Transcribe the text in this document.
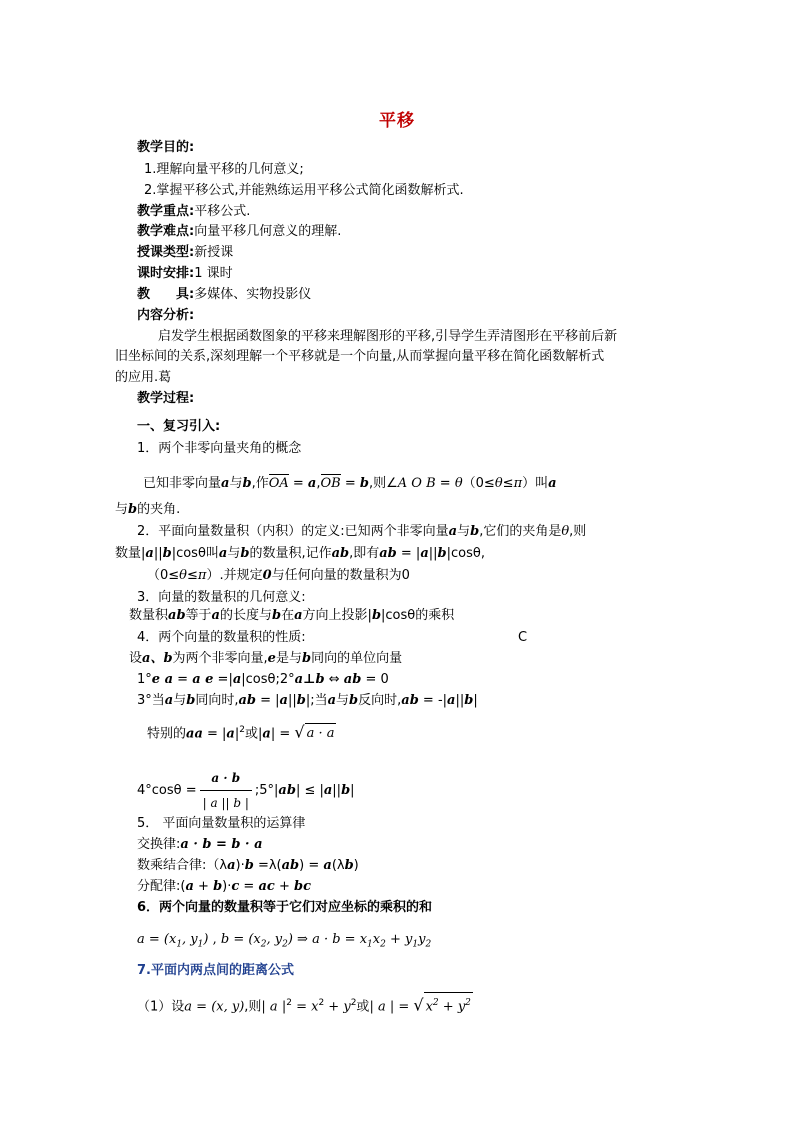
平移
教学目的:
1.理解向量平移的几何意义;
2.掌握平移公式,并能熟练运用平移公式简化函数解析式.
教学重点:平移公式.
教学难点:向量平移几何意义的理解.
授课类型:新授课
课时安排:1 课时
教　　具:多媒体、实物投影仪
内容分析:
启发学生根据函数图象的平移来理解图形的平移,引导学生弄清图形在平移前后新
旧坐标间的关系,深刻理解一个平移就是一个向量,从而掌握向量平移在简化函数解析式
的应用.葛
教学过程:
一、复习引入:
1．两个非零向量夹角的概念
已知非零向量a与b,作OA = a,OB = b,则∠A O B = θ（0≤θ≤π）叫a
与b的夹角.
2．平面向量数量积（内积）的定义:已知两个非零向量a与b,它们的夹角是θ,则
数量|a||b|cosθ叫a与b的数量积,记作ab,即有ab = |a||b|cosθ,
（0≤θ≤π）.并规定0与任何向量的数量积为0
3．向量的数量积的几何意义:
数量积ab等于a的长度与b在a方向上投影|b|cosθ的乘积
4．两个向量的数量积的性质:	C
设a、b为两个非零向量,e是与b同向的单位向量
1°e a = a e =|a|cosθ;2°a⊥b ⇔ ab = 0
3°当a与b同向时,ab = |a||b|;当a与b反向时,ab = -|a||b|
特别的aa = $|a|^2$或|a| = √ a · a
$4^\circ\cos\theta = \frac{a \cdot b}{| a || b |}$ ;5°|ab| ≤ |a||b|
5． 平面向量数量积的运算律
交换律:a · b = b · a
数乘结合律:（λa)·b =λ(ab) = a(λb)
分配律:(a + b)·c = ac + bc
6．两个向量的数量积等于它们对应坐标的乘积的和
$a = (x_1$, $y_1$) , $b = (x_2$, $y_2$) ⇒ $a \cdot b = x_1x_2 + y_1y_2$
7.平面内两点间的距离公式
（1）设a = (x, y),则| a $|^2 = x^2 + y^2$或| a | = √ $x^2 + y^2$
